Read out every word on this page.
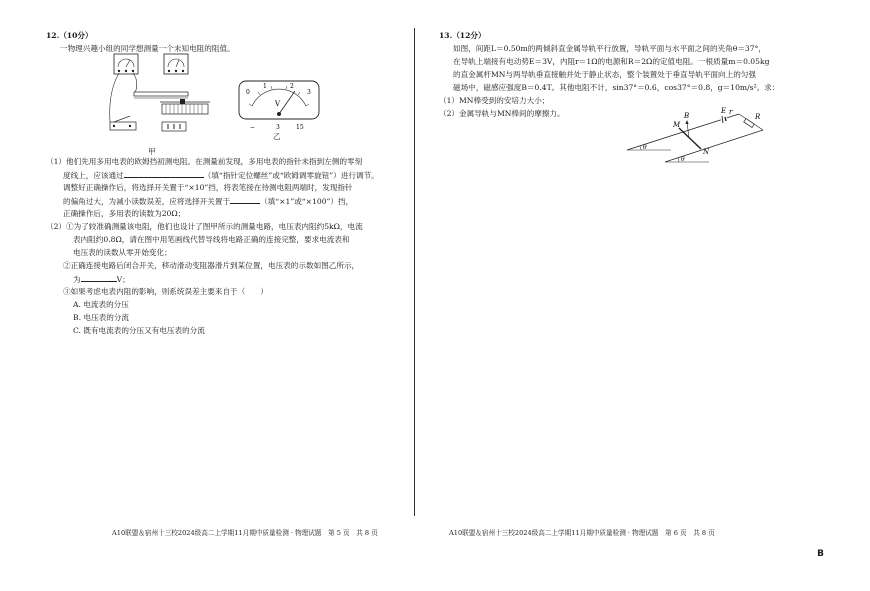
12.（10分）
一物理兴趣小组的同学想测量一个未知电阻的阻值。
甲
0
1	2
3
V
−	3	15
乙
（1）他们先用多用电表的欧姆挡初测电阻。在测量前发现，多用电表的指针未指到左侧的零刻
度线上，应该通过	（填“指针定位螺丝”或“欧姆调零旋钮”）进行调节。
调整好正确操作后，将选择开关置于“×10”挡，将表笔接在待测电阻两端时，发现指针
的偏角过大，为减小读数误差，应将选择开关置于	（填“×1”或“×100”）挡，
正确操作后，多用表的读数为20Ω；
（2）①为了较准确测量该电阻，他们也设计了图甲所示的测量电路，电压表内阻约5kΩ，电流
表内阻约0.8Ω，请在图中用笔画线代替导线将电路正确的连接完整，要求电流表和
电压表的读数从零开始变化；
②正确连接电路后闭合开关，移动滑动变阻器滑片到某位置，电压表的示数如图乙所示，
为	V；
③如果考虑电表内阻的影响，则系统误差主要来自于（　　）
A. 电流表的分压
B. 电压表的分流
C. 既有电流表的分压又有电压表的分流
A10联盟＆宿州十三校2024级高二上学期11月期中质量检测 · 物理试题　第 5 页　共 8 页
13.（12分）
如图，间距L＝0.50m的两倾斜直金属导轨平行放置，导轨平面与水平面之间的夹角θ＝37°，
在导轨上端接有电动势E＝3V，内阻r＝1Ω的电源和R＝2Ω的定值电阻。一根质量m＝0.05kg
的直金属杆MN与两导轨垂直接触并处于静止状态，整个装置处于垂直导轨平面向上的匀强
磁场中，磁感应强度B＝0.4T。其他电阻不计，sin37°＝0.6，cos37°＝0.8，g＝10m/s²。求：
（1）MN棒受到的安培力大小；
（2）金属导轨与MN棒间的摩擦力。
θ
θ
M
N
B
E r
R
A10联盟＆宿州十三校2024级高二上学期11月期中质量检测 · 物理试题　第 6 页　共 8 页
B
